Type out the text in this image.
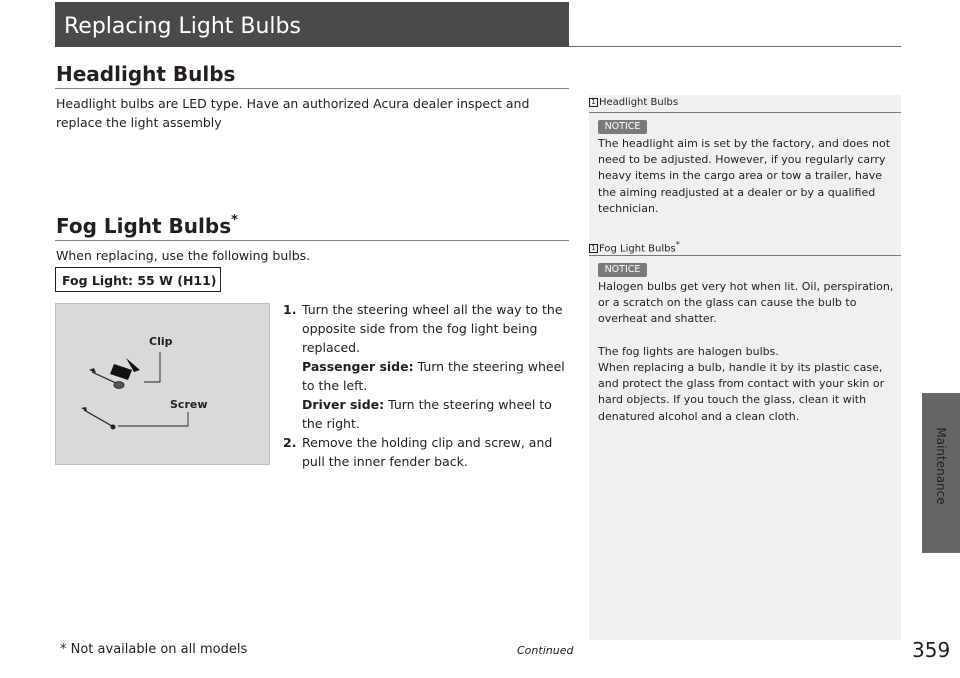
Replacing Light Bulbs
Maintenance
Headlight Bulbs
Headlight bulbs are LED type. Have an authorized Acura dealer inspect and replace the light assembly
Fog Light Bulbs*
When replacing, use the following bulbs.
Fog Light: 55 W (H11)
Clip
Screw
1. Turn the steering wheel all the way to the opposite side from the fog light being replaced.
Passenger side: Turn the steering wheel to the left.
Driver side: Turn the steering wheel to the right.
2. Remove the holding clip and screw, and pull the inner fender back.
1 Headlight Bulbs
NOTICE
The headlight aim is set by the factory, and does not need to be adjusted. However, if you regularly carry heavy items in the cargo area or tow a trailer, have the aiming readjusted at a dealer or by a qualified technician.
1 Fog Light Bulbs*
NOTICE
Halogen bulbs get very hot when lit. Oil, perspiration, or a scratch on the glass can cause the bulb to overheat and shatter.
The fog lights are halogen bulbs.
When replacing a bulb, handle it by its plastic case, and protect the glass from contact with your skin or hard objects. If you touch the glass, clean it with denatured alcohol and a clean cloth.
* Not available on all models	Continued	359
